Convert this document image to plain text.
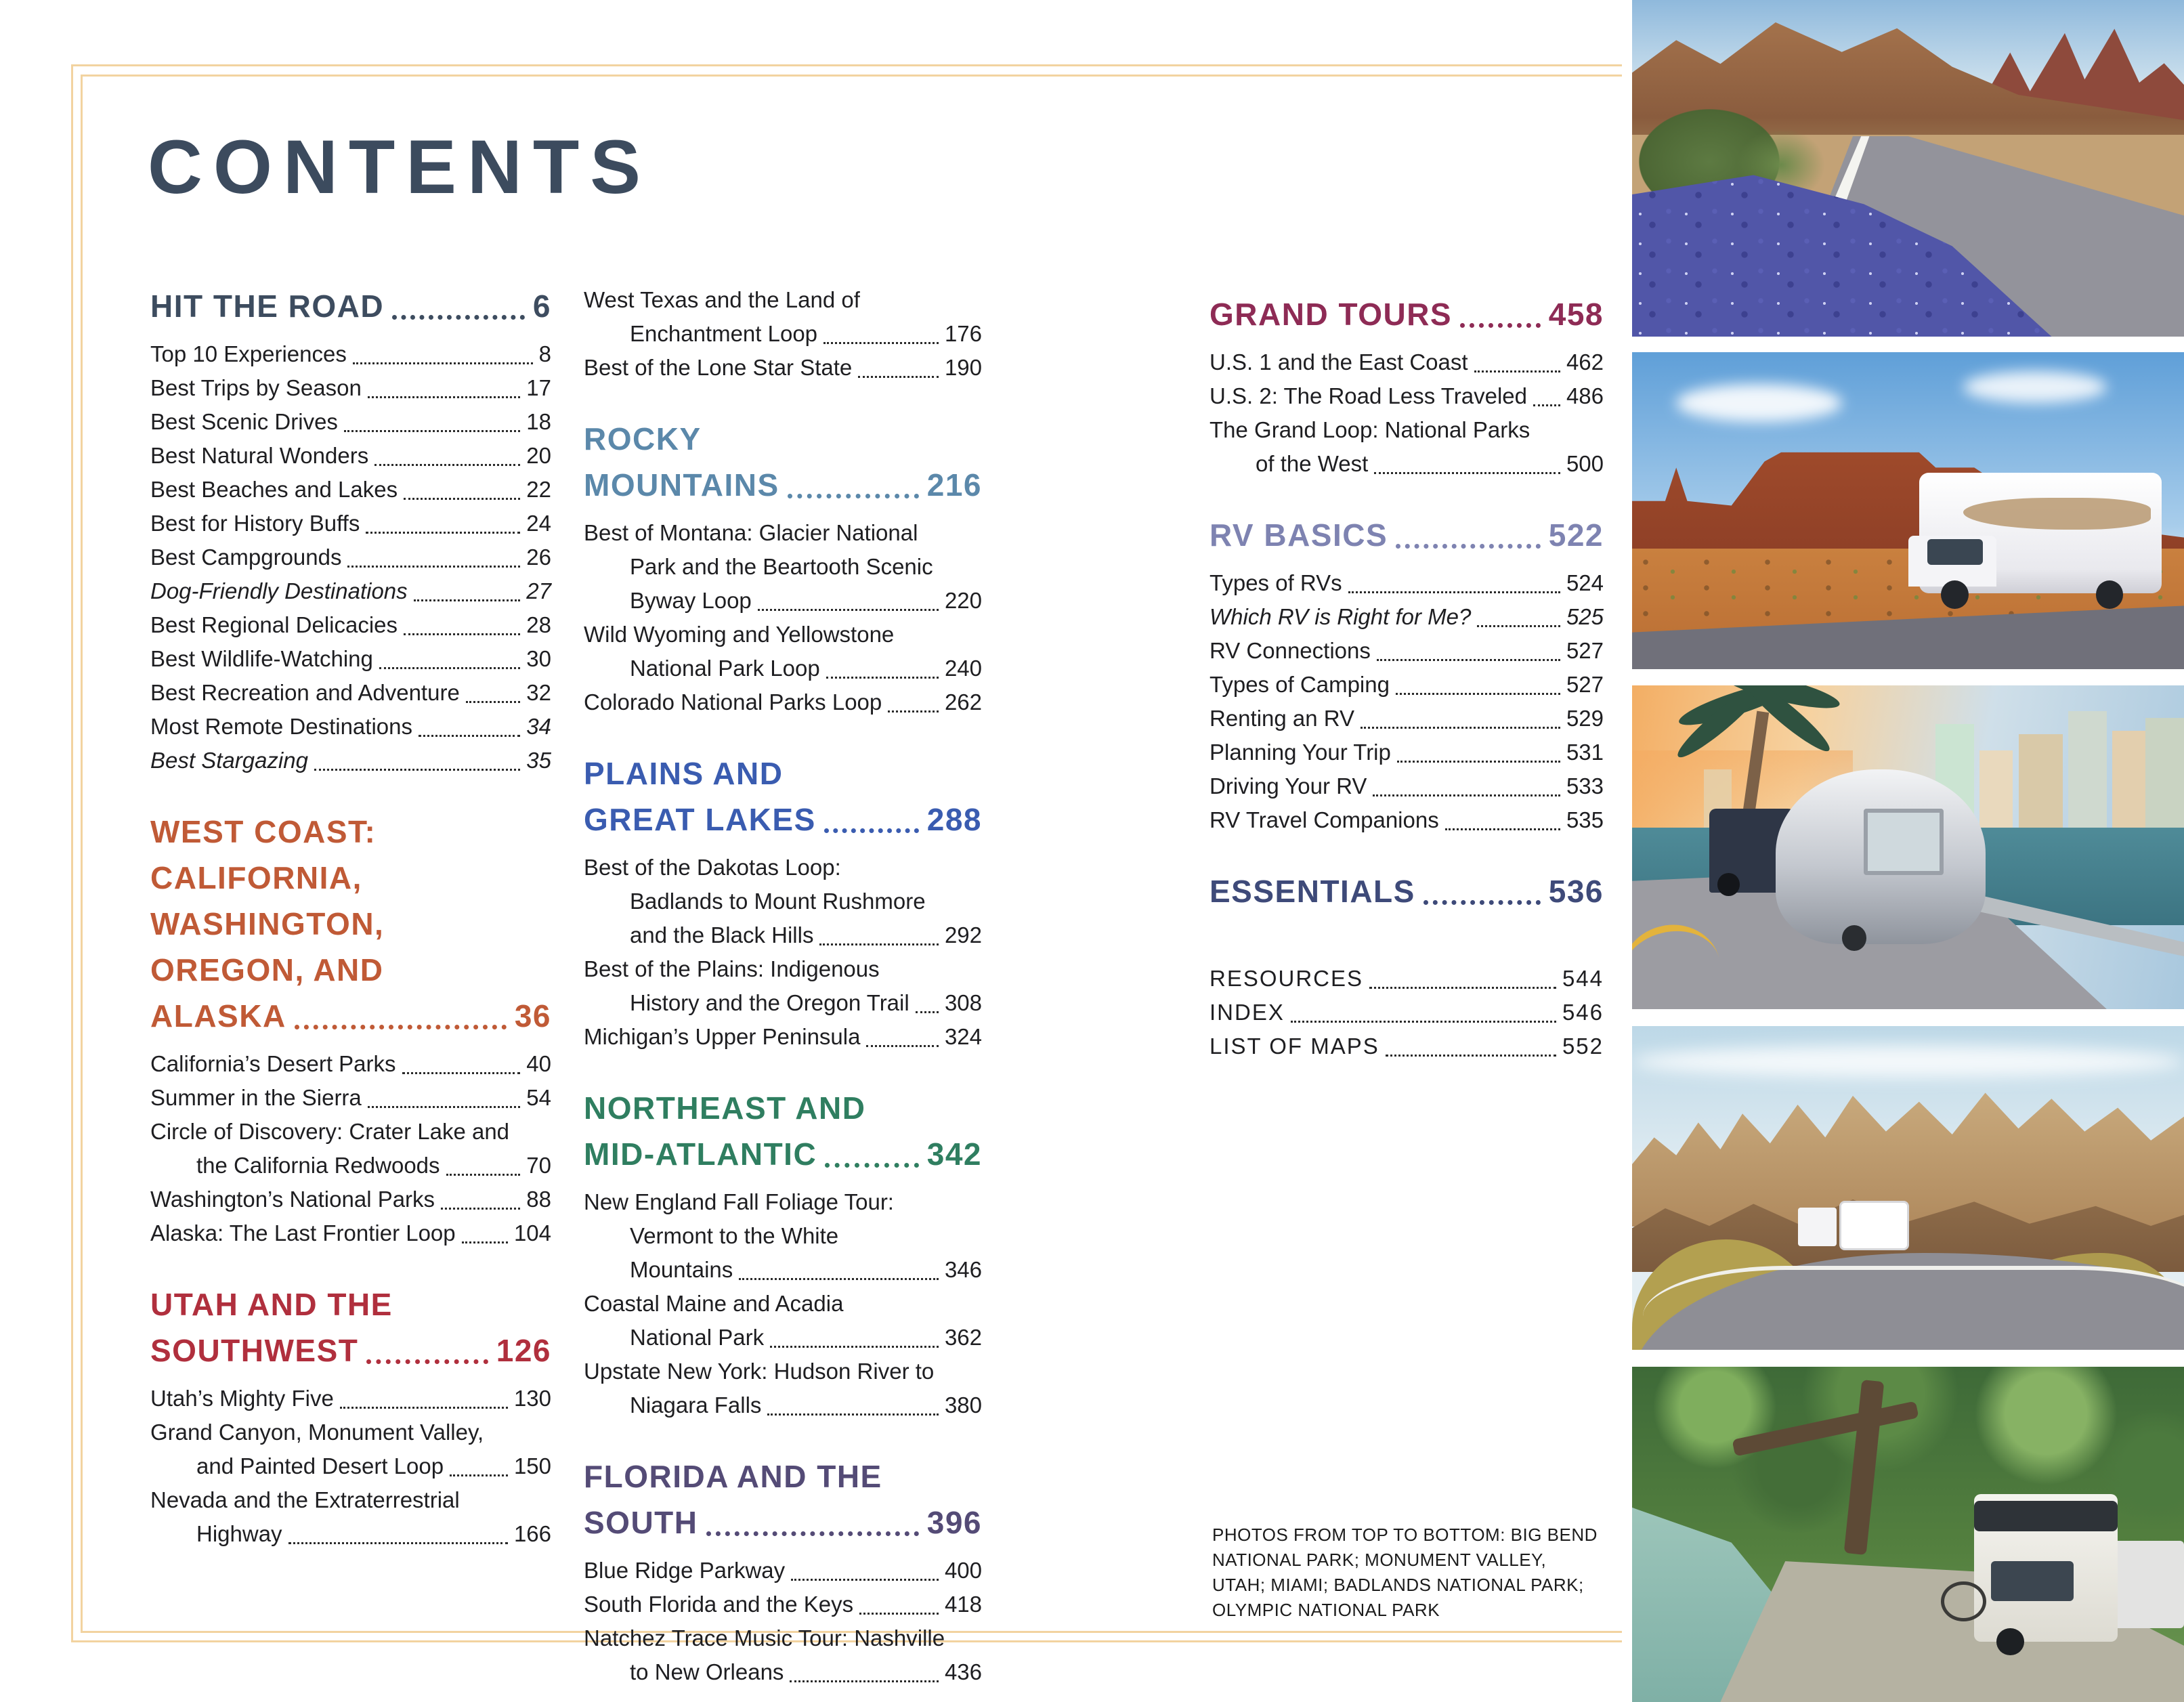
CONTENTS
HIT THE ROAD	6
Top 10 Experiences	8
Best Trips by Season	17
Best Scenic Drives	18
Best Natural Wonders	20
Best Beaches and Lakes	22
Best for History Buffs	24
Best Campgrounds	26
Dog-Friendly Destinations	27
Best Regional Delicacies	28
Best Wildlife-Watching	30
Best Recreation and Adventure	32
Most Remote Destinations	34
Best Stargazing	35
WEST COAST:
CALIFORNIA,
WASHINGTON,
OREGON, AND
ALASKA	36
California’s Desert Parks	40
Summer in the Sierra	54
Circle of Discovery: Crater Lake and
the California Redwoods	70
Washington’s National Parks	88
Alaska: The Last Frontier Loop	104
UTAH AND THE
SOUTHWEST	126
Utah’s Mighty Five	130
Grand Canyon, Monument Valley,
and Painted Desert Loop	150
Nevada and the Extraterrestrial
Highway	166
West Texas and the Land of
Enchantment Loop	176
Best of the Lone Star State	190
ROCKY
MOUNTAINS	216
Best of Montana: Glacier National
Park and the Beartooth Scenic
Byway Loop	220
Wild Wyoming and Yellowstone
National Park Loop	240
Colorado National Parks Loop	262
PLAINS AND
GREAT LAKES	288
Best of the Dakotas Loop:
Badlands to Mount Rushmore
and the Black Hills	292
Best of the Plains: Indigenous
History and the Oregon Trail 308
Michigan’s Upper Peninsula	324
NORTHEAST AND
MID-ATLANTIC	342
New England Fall Foliage Tour:
Vermont to the White
Mountains	346
Coastal Maine and Acadia
National Park	362
Upstate New York: Hudson River to
Niagara Falls	380
FLORIDA AND THE
SOUTH	396
Blue Ridge Parkway	400
South Florida and the Keys	418
Natchez Trace Music Tour: Nashville
to New Orleans	436
GRAND TOURS	458
U.S. 1 and the East Coast	462
U.S. 2: The Road Less Traveled 486
The Grand Loop: National Parks
of the West	500
RV BASICS	522
Types of RVs	524
Which RV is Right for Me?	525
RV Connections	527
Types of Camping	527
Renting an RV	529
Planning Your Trip	531
Driving Your RV	533
RV Travel Companions	535
ESSENTIALS	536
RESOURCES	544
INDEX	546
LIST OF MAPS	552
PHOTOS FROM TOP TO BOTTOM: BIG BEND NATIONAL PARK; MONUMENT VALLEY, UTAH; MIAMI; BADLANDS NATIONAL PARK; OLYMPIC NATIONAL PARK
